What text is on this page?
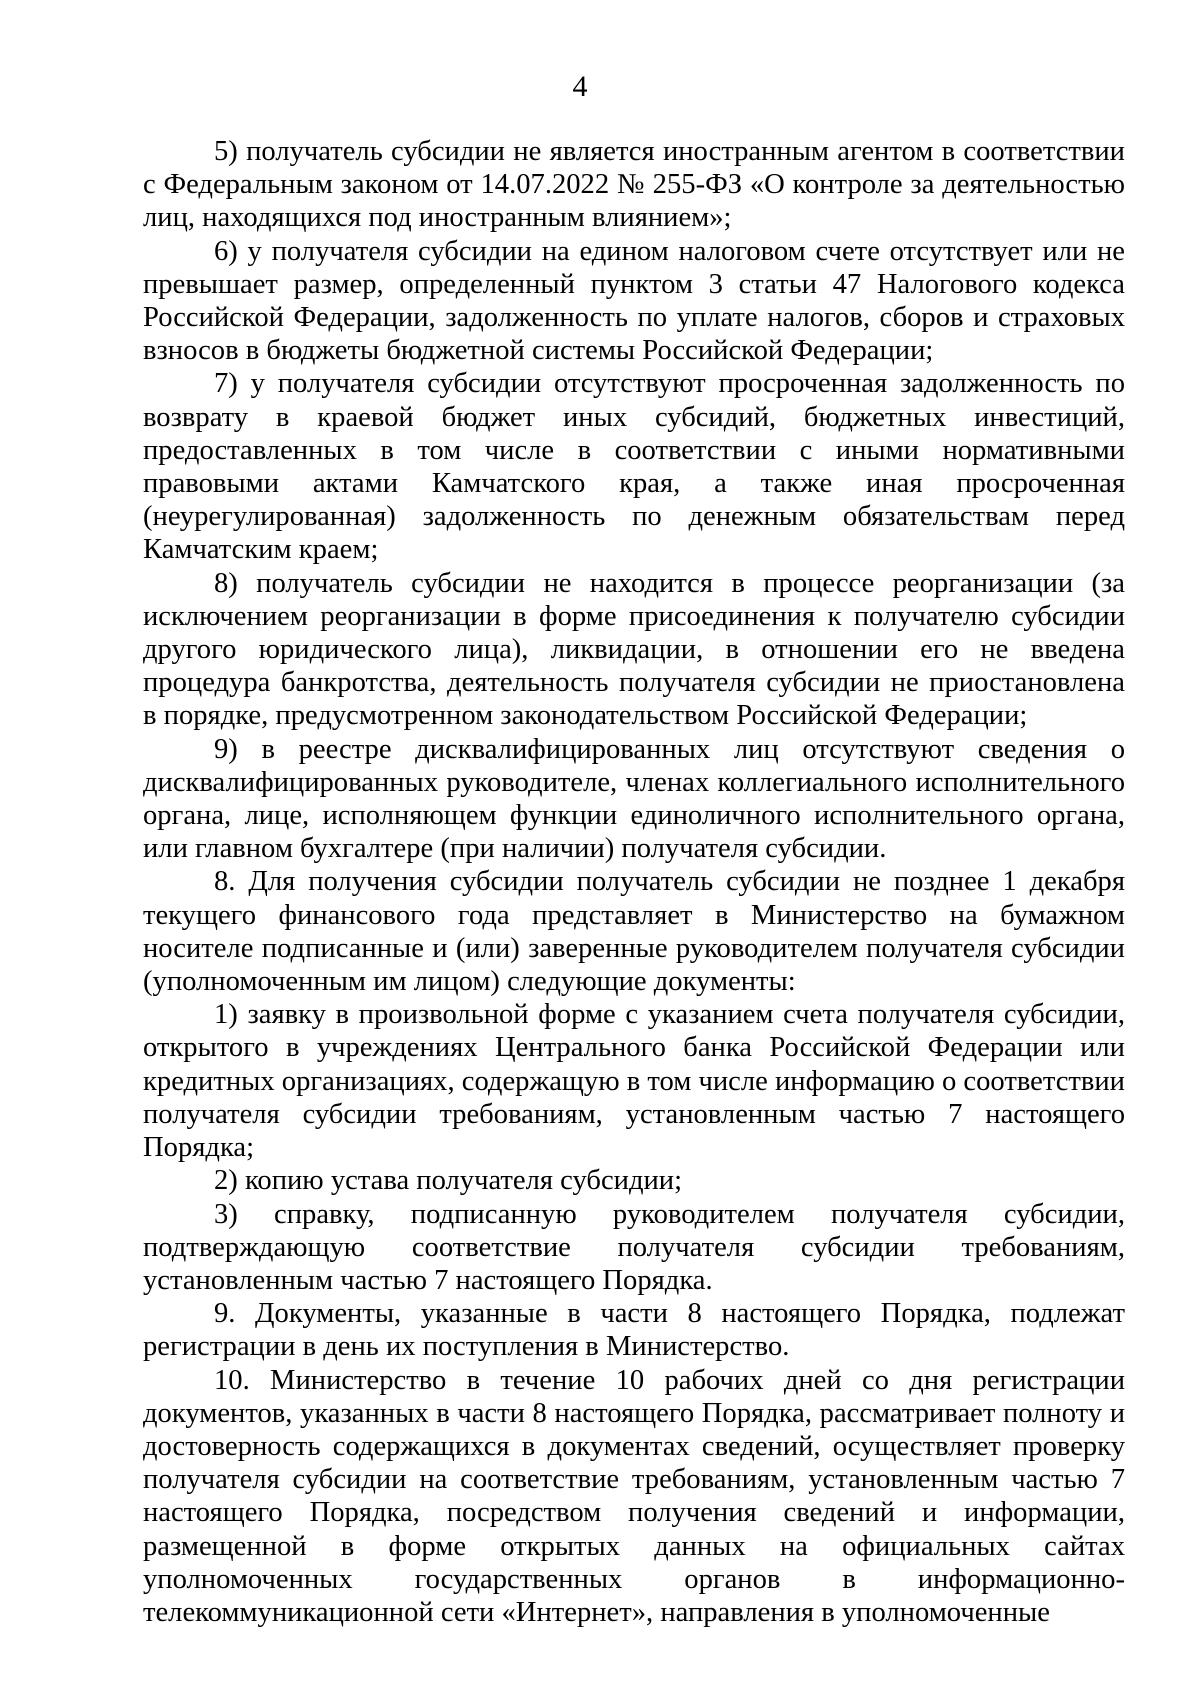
4

5) получатель субсидии не является иностранным агентом в соответствии с Федеральным законом от 14.07.2022 № 255-ФЗ «О контроле за деятельностью лиц, находящихся под иностранным влиянием»;

6) у получателя субсидии на едином налоговом счете отсутствует или не превышает размер, определенный пунктом 3 статьи 47 Налогового кодекса Российской Федерации, задолженность по уплате налогов, сборов и страховых взносов в бюджеты бюджетной системы Российской Федерации;

7) у получателя субсидии отсутствуют просроченная задолженность по возврату в краевой бюджет иных субсидий, бюджетных инвестиций, предоставленных в том числе в соответствии с иными нормативными правовыми актами Камчатского края, а также иная просроченная (неурегулированная) задолженность по денежным обязательствам перед Камчатским краем;

8) получатель субсидии не находится в процессе реорганизации (за исключением реорганизации в форме присоединения к получателю субсидии другого юридического лица), ликвидации, в отношении его не введена процедура банкротства, деятельность получателя субсидии не приостановлена в порядке, предусмотренном законодательством Российской Федерации;

9) в реестре дисквалифицированных лиц отсутствуют сведения о дисквалифицированных руководителе, членах коллегиального исполнительного органа, лице, исполняющем функции единоличного исполнительного органа, или главном бухгалтере (при наличии) получателя субсидии.

8. Для получения субсидии получатель субсидии не позднее 1 декабря текущего финансового года представляет в Министерство на бумажном носителе подписанные и (или) заверенные руководителем получателя субсидии (уполномоченным им лицом) следующие документы:

1) заявку в произвольной форме с указанием счета получателя субсидии, открытого в учреждениях Центрального банка Российской Федерации или кредитных организациях, содержащую в том числе информацию о соответствии получателя субсидии требованиям, установленным частью 7 настоящего Порядка;

2) копию устава получателя субсидии;

3) справку, подписанную руководителем получателя субсидии, подтверждающую соответствие получателя субсидии требованиям, установленным частью 7 настоящего Порядка.

9. Документы, указанные в части 8 настоящего Порядка, подлежат регистрации в день их поступления в Министерство.

10. Министерство в течение 10 рабочих дней со дня регистрации документов, указанных в части 8 настоящего Порядка, рассматривает полноту и достоверность содержащихся в документах сведений, осуществляет проверку получателя субсидии на соответствие требованиям, установленным частью 7 настоящего Порядка, посредством получения сведений и информации, размещенной в форме открытых данных на официальных сайтах уполномоченных государственных органов в информационно-телекоммуникационной сети «Интернет», направления в уполномоченные
